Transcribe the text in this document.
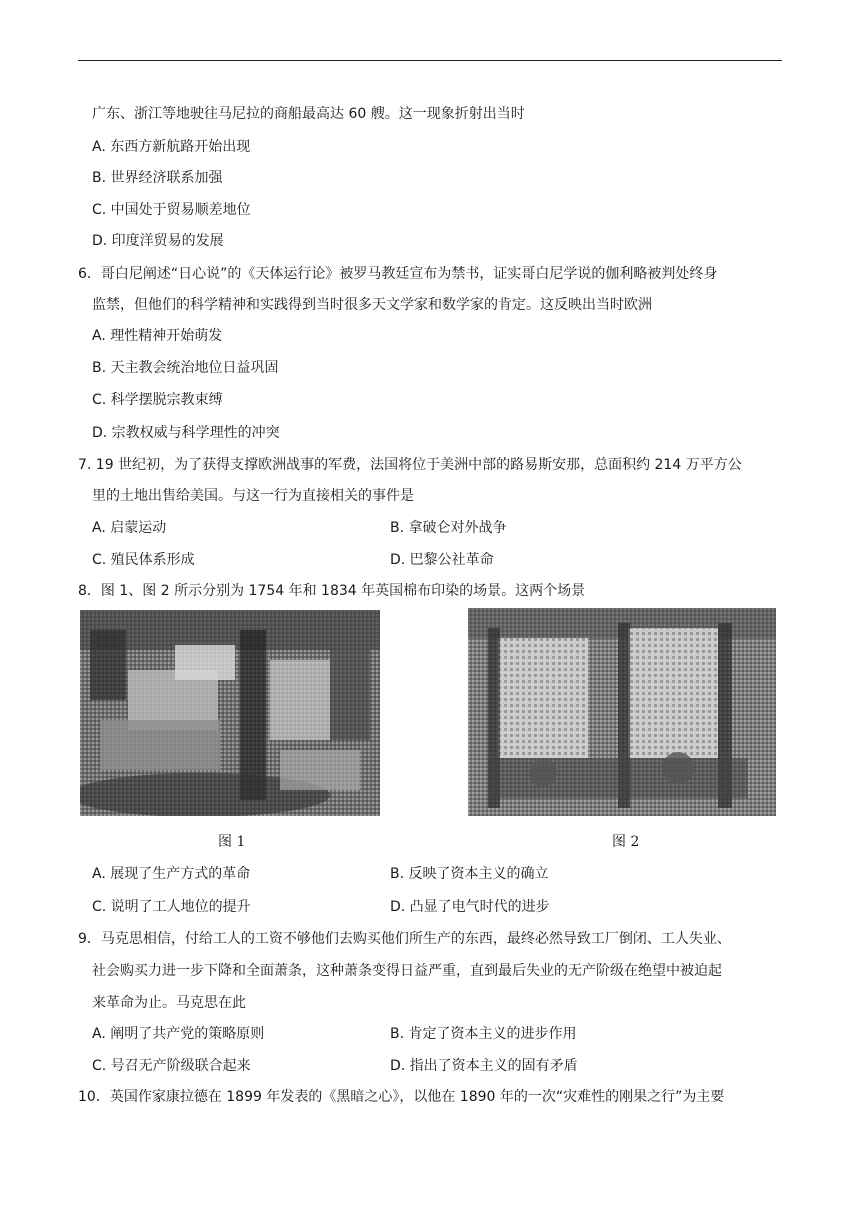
广东、浙江等地驶往马尼拉的商船最高达 60 艘。这一现象折射出当时
A. 东西方新航路开始出现
B. 世界经济联系加强
C. 中国处于贸易顺差地位
D. 印度洋贸易的发展
6．哥白尼阐述“日心说”的《天体运行论》被罗马教廷宣布为禁书，证实哥白尼学说的伽利略被判处终身
监禁，但他们的科学精神和实践得到当时很多天文学家和数学家的肯定。这反映出当时欧洲
A. 理性精神开始萌发
B. 天主教会统治地位日益巩固
C. 科学摆脱宗教束缚
D. 宗教权威与科学理性的冲突
7. 19 世纪初，为了获得支撑欧洲战事的军费，法国将位于美洲中部的路易斯安那，总面积约 214 万平方公
里的土地出售给美国。与这一行为直接相关的事件是
A. 启蒙运动	B. 拿破仑对外战争
C. 殖民体系形成	D. 巴黎公社革命
8．图 1、图 2 所示分别为 1754 年和 1834 年英国棉布印染的场景。这两个场景
图 1	图 2
A. 展现了生产方式的革命	B. 反映了资本主义的确立
C. 说明了工人地位的提升	D. 凸显了电气时代的进步
9．马克思相信，付给工人的工资不够他们去购买他们所生产的东西，最终必然导致工厂倒闭、工人失业、
社会购买力进一步下降和全面萧条，这种萧条变得日益严重，直到最后失业的无产阶级在绝望中被迫起
来革命为止。马克思在此
A. 阐明了共产党的策略原则	B. 肯定了资本主义的进步作用
C. 号召无产阶级联合起来	D. 指出了资本主义的固有矛盾
10．英国作家康拉德在 1899 年发表的《黑暗之心》，以他在 1890 年的一次“灾难性的刚果之行”为主要
